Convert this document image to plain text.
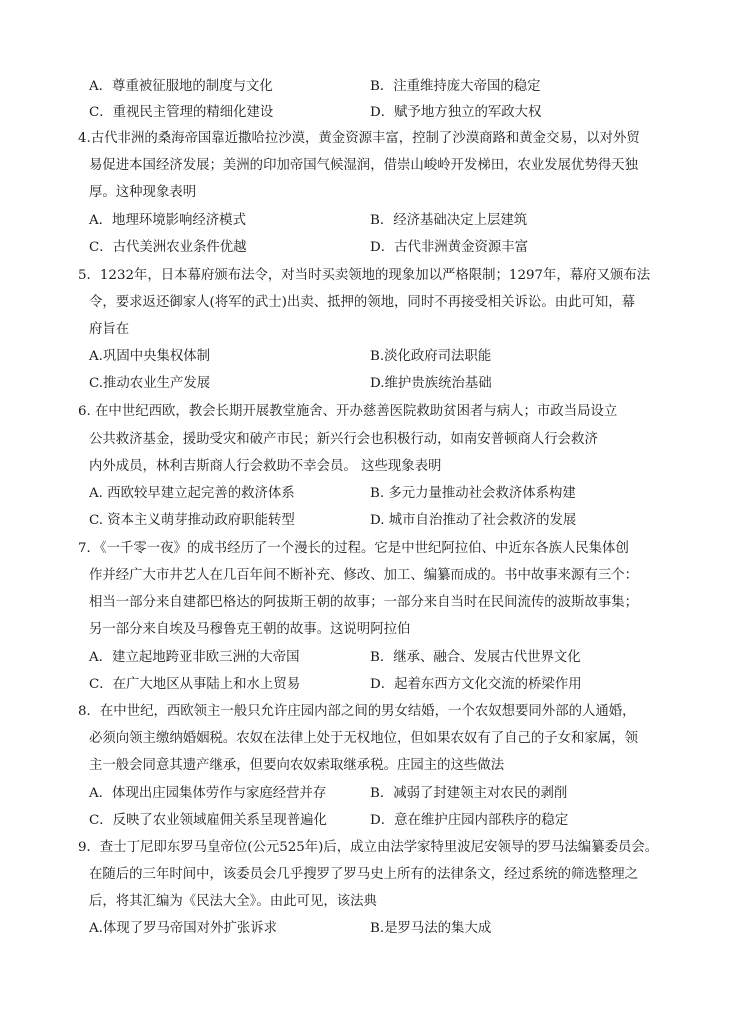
A．尊重被征服地的制度与文化	B．注重维持庞大帝国的稳定
C．重视民主管理的精细化建设	D．赋予地方独立的军政大权
4.古代非洲的桑海帝国靠近撒哈拉沙漠，黄金资源丰富，控制了沙漠商路和黄金交易，以对外贸
易促进本国经济发展；美洲的印加帝国气候湿润，借崇山峻岭开发梯田，农业发展优势得天独
厚。这种现象表明
A．地理环境影响经济模式	B．经济基础决定上层建筑
C．古代美洲农业条件优越	D．古代非洲黄金资源丰富
5．1232年，日本幕府颁布法令，对当时买卖领地的现象加以严格限制；1297年，幕府又颁布法
令，要求返还御家人(将军的武士)出卖、抵押的领地，同时不再接受相关诉讼。由此可知，幕
府旨在
A.巩固中央集权体制	B.淡化政府司法职能
C.推动农业生产发展	D.维护贵族统治基础
6. 在中世纪西欧，教会长期开展教堂施舍、开办慈善医院救助贫困者与病人；市政当局设立
公共救济基金，援助受灾和破产市民；新兴行会也积极行动，如南安普顿商人行会救济
内外成员，林利吉斯商人行会救助不幸会员。 这些现象表明
A. 西欧较早建立起完善的救济体系	B. 多元力量推动社会救济体系构建
C. 资本主义萌芽推动政府职能转型	D. 城市自治推动了社会救济的发展
7．《一千零一夜》的成书经历了一个漫长的过程。它是中世纪阿拉伯、中近东各族人民集体创
作并经广大市井艺人在几百年间不断补充、修改、加工、编纂而成的。书中故事来源有三个：
相当一部分来自建都巴格达的阿拔斯王朝的故事；一部分来自当时在民间流传的波斯故事集；
另一部分来自埃及马穆鲁克王朝的故事。这说明阿拉伯
A．建立起地跨亚非欧三洲的大帝国	B．继承、融合、发展古代世界文化
C．在广大地区从事陆上和水上贸易	D．起着东西方文化交流的桥梁作用
8．在中世纪，西欧领主一般只允许庄园内部之间的男女结婚，一个农奴想要同外部的人通婚，
必须向领主缴纳婚姻税。农奴在法律上处于无权地位，但如果农奴有了自己的子女和家属，领
主一般会同意其遗产继承，但要向农奴索取继承税。庄园主的这些做法
A．体现出庄园集体劳作与家庭经营并存	B．减弱了封建领主对农民的剥削
C．反映了农业领域雇佣关系呈现普遍化	D．意在维护庄园内部秩序的稳定
9．查士丁尼即东罗马皇帝位(公元525年)后，成立由法学家特里波尼安领导的罗马法编纂委员会。
在随后的三年时间中，该委员会几乎搜罗了罗马史上所有的法律条文，经过系统的筛选整理之
后，将其汇编为《民法大全》。由此可见，该法典
A.体现了罗马帝国对外扩张诉求	B.是罗马法的集大成
